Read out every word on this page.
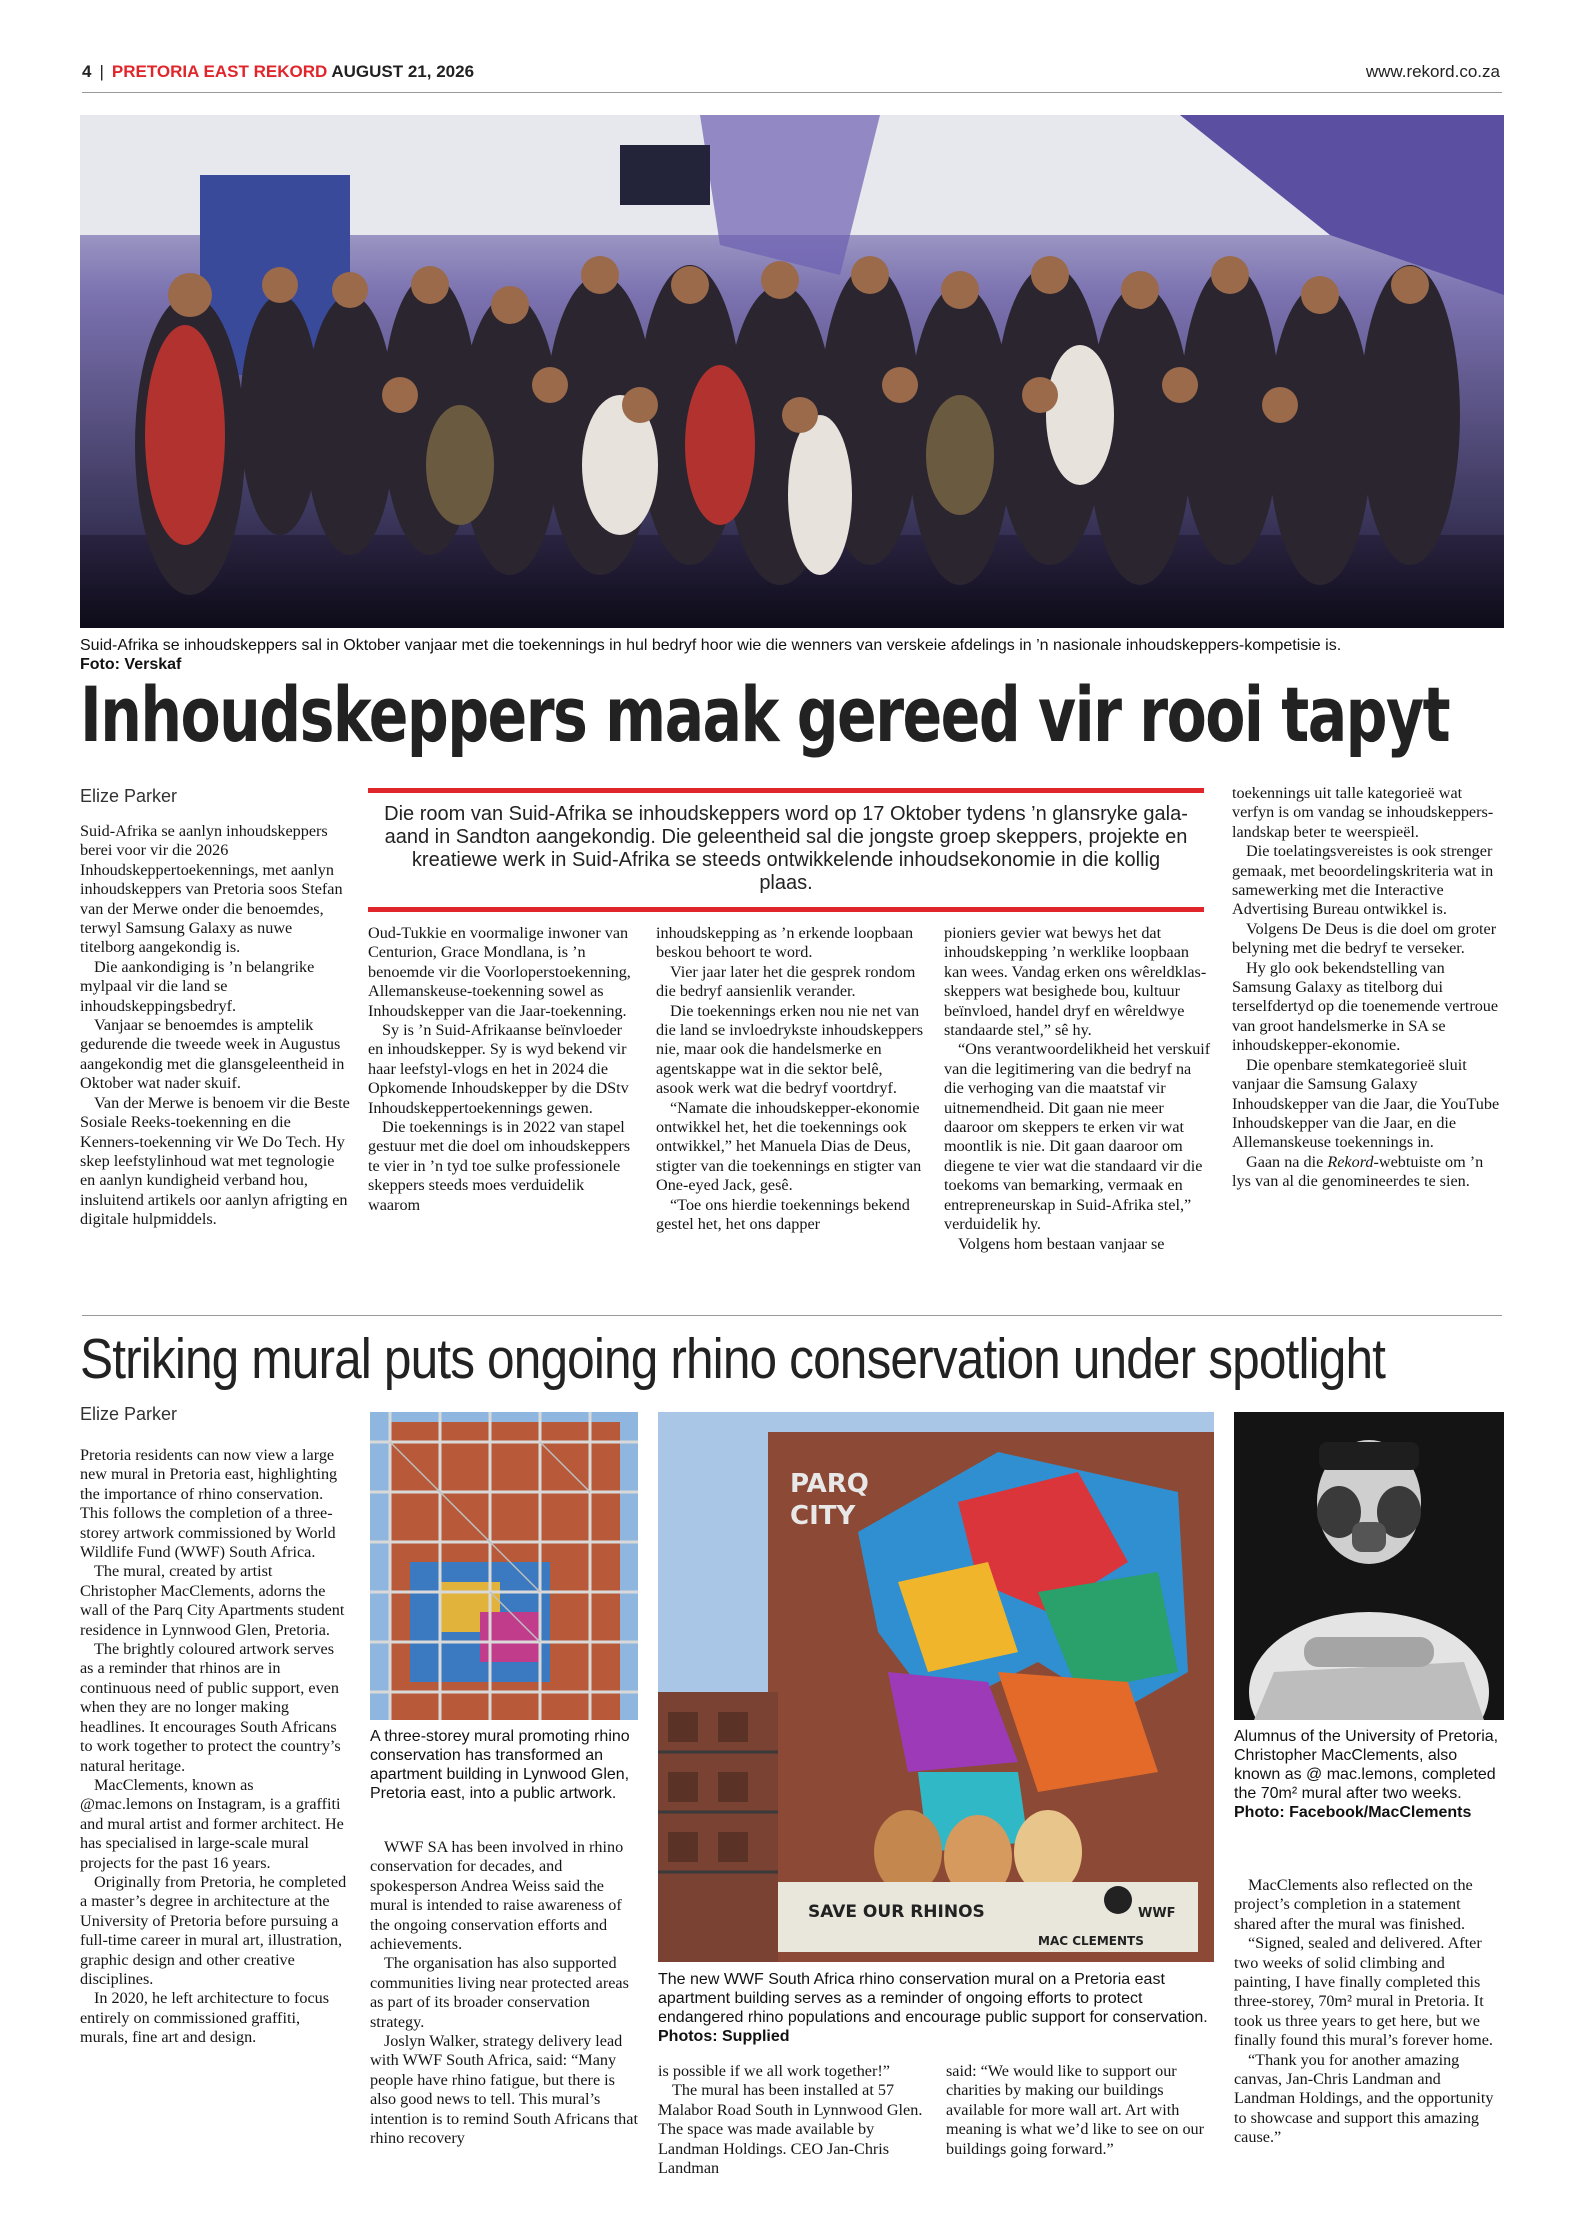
4 | PRETORIA EAST REKORD AUGUST 21, 2026	www.rekord.co.za
Suid-Afrika se inhoudskeppers sal in Oktober vanjaar met die toekennings in hul bedryf hoor wie die wenners van verskeie afdelings in ’n nasionale inhoudskeppers-kompetisie is.
Foto: Verskaf
Inhoudskeppers maak gereed vir rooi tapyt
Elize Parker
Die room van Suid-Afrika se inhoudskeppers word op 17 Oktober tydens ’n glansryke gala-aand in Sandton aangekondig. Die geleentheid sal die jongste groep skeppers, projekte en kreatiewe werk in Suid-Afrika se steeds ontwikkelende inhoudsekonomie in die kollig plaas.

Suid-Afrika se aanlyn inhoudskeppers berei voor vir die 2026 Inhoudskeppertoekennings, met aanlyn inhoudskeppers van Pretoria soos Stefan van der Merwe onder die benoemdes, terwyl Samsung Galaxy as nuwe titelborg aangekondig is.

Die aankondiging is ’n belangrike mylpaal vir die land se inhoudskeppingsbedryf.

Vanjaar se benoemdes is amptelik gedurende die tweede week in Augustus aangekondig met die glansgeleentheid in Oktober wat nader skuif.

Van der Merwe is benoem vir die Beste Sosiale Reeks-toekenning en die Kenners-toekenning vir We Do Tech. Hy skep leefstylinhoud wat met tegnologie en aanlyn kundigheid verband hou, insluitend artikels oor aanlyn afrigting en digitale hulpmiddels.

Oud-Tukkie en voormalige inwoner van Centurion, Grace Mondlana, is ’n benoemde vir die Voorloperstoekenning, Allemanskeuse-toekenning sowel as Inhoudskepper van die Jaar-toekenning.

Sy is ’n Suid-Afrikaanse beïnvloeder en inhoudskepper. Sy is wyd bekend vir haar leefstyl-vlogs en het in 2024 die Opkomende Inhoudskepper by die DStv Inhoudskeppertoekennings gewen.

Die toekennings is in 2022 van stapel gestuur met die doel om inhoudskeppers te vier in ’n tyd toe sulke professionele skeppers steeds moes verduidelik waarom

inhoudskepping as ’n erkende loopbaan beskou behoort te word.

Vier jaar later het die gesprek rondom die bedryf aansienlik verander.

Die toekennings erken nou nie net van die land se invloedrykste inhoudskeppers nie, maar ook die handelsmerke en agentskappe wat in die sektor belê, asook werk wat die bedryf voortdryf.

“Namate die inhoudskepper-ekonomie ontwikkel het, het die toekennings ook ontwikkel,” het Manuela Dias de Deus, stigter van die toekennings en stigter van One-eyed Jack, gesê.

“Toe ons hierdie toekennings bekend gestel het, het ons dapper

pioniers gevier wat bewys het dat inhoudskepping ’n werklike loopbaan kan wees. Vandag erken ons wêreldklas-skeppers wat besighede bou, kultuur beïnvloed, handel dryf en wêreldwye standaarde stel,” sê hy.

“Ons verantwoordelikheid het verskuif van die legitimering van die bedryf na die verhoging van die maatstaf vir uitnemendheid. Dit gaan nie meer daaroor om skeppers te erken vir wat moontlik is nie. Dit gaan daaroor om diegene te vier wat die standaard vir die toekoms van bemarking, vermaak en entrepreneurskap in Suid-Afrika stel,” verduidelik hy.

Volgens hom bestaan vanjaar se

toekennings uit talle kategorieë wat verfyn is om vandag se inhoudskepperslandskap beter te weerspieël.

Die toelatingsvereistes is ook strenger gemaak, met beoordelingskriteria wat in samewerking met die Interactive Advertising Bureau ontwikkel is.

Volgens De Deus is die doel om groter belyning met die bedryf te verseker.

Hy glo ook bekendstelling van Samsung Galaxy as titelborg dui terselfdertyd op die toenemende vertroue van groot handelsmerke in SA se inhoudskepper-ekonomie.

Die openbare stemkategorieë sluit vanjaar die Samsung Galaxy Inhoudskepper van die Jaar, die YouTube Inhoudskepper van die Jaar, en die Allemanskeuse toekennings in.

Gaan na die Rekord-webtuiste om ’n lys van al die genomineerdes te sien.

Striking mural puts ongoing rhino conservation under spotlight
Elize Parker

Pretoria residents can now view a large new mural in Pretoria east, highlighting the importance of rhino conservation. This follows the completion of a three-storey artwork commissioned by World Wildlife Fund (WWF) South Africa.

The mural, created by artist Christopher MacClements, adorns the wall of the Parq City Apartments student residence in Lynnwood Glen, Pretoria.

The brightly coloured artwork serves as a reminder that rhinos are in continuous need of public support, even when they are no longer making headlines. It encourages South Africans to work together to protect the country’s natural heritage.

MacClements, known as @mac.lemons on Instagram, is a graffiti and mural artist and former architect. He has specialised in large-scale mural projects for the past 16 years.

Originally from Pretoria, he completed a master’s degree in architecture at the University of Pretoria before pursuing a full-time career in mural art, illustration, graphic design and other creative disciplines.

In 2020, he left architecture to focus entirely on commissioned graffiti, murals, fine art and design.

A three-storey mural promoting rhino conservation has transformed an apartment building in Lynwood Glen, Pretoria east, into a public artwork.

WWF SA has been involved in rhino conservation for decades, and spokesperson Andrea Weiss said the mural is intended to raise awareness of the ongoing conservation efforts and achievements.

The organisation has also supported communities living near protected areas as part of its broader conservation strategy.

Joslyn Walker, strategy delivery lead with WWF South Africa, said: “Many people have rhino fatigue, but there is also good news to tell. This mural’s intention is to remind South Africans that rhino recovery

PARQ
CITY
SAVE OUR RHINOS	WWF
MAC CLEMENTS
The new WWF South Africa rhino conservation mural on a Pretoria east apartment building serves as a reminder of ongoing efforts to protect endangered rhino populations and encourage public support for conservation. Photos: Supplied

is possible if we all work together!”

The mural has been installed at 57 Malabor Road South in Lynnwood Glen. The space was made available by Landman Holdings. CEO Jan-Chris Landman

said: “We would like to support our charities by making our buildings available for more wall art. Art with meaning is what we’d like to see on our buildings going forward.”

Alumnus of the University of Pretoria, Christopher MacClements, also known as @ mac.lemons, completed the 70m² mural after two weeks.
Photo: Facebook/MacClements

MacClements also reflected on the project’s completion in a statement shared after the mural was finished.

“Signed, sealed and delivered. After two weeks of solid climbing and painting, I have finally completed this three-storey, 70m² mural in Pretoria. It took us three years to get here, but we finally found this mural’s forever home.

“Thank you for another amazing canvas, Jan-Chris Landman and Landman Holdings, and the opportunity to showcase and support this amazing cause.”
